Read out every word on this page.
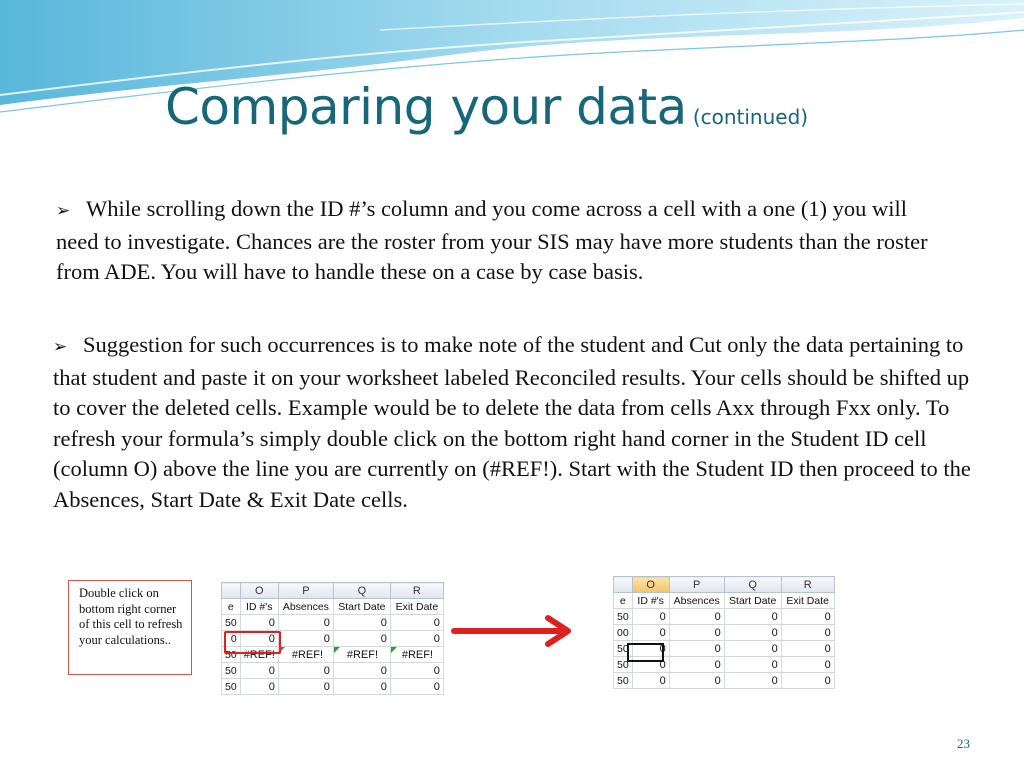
Comparing your data (continued)
➢ While scrolling down the ID #’s column and you come across a cell with a one (1) you will need to investigate. Chances are the roster from your SIS may have more students than the roster from ADE. You will have to handle these on a case by case basis.
➢ Suggestion for such occurrences is to make note of the student and Cut only the data pertaining to that student and paste it on your worksheet labeled Reconciled results. Your cells should be shifted up to cover the deleted cells. Example would be to delete the data from cells Axx through Fxx only. To refresh your formula’s simply double click on the bottom right hand corner in the Student ID cell (column O) above the line you are currently on (#REF!). Start with the Student ID then proceed to the Absences, Start Date & Exit Date cells.
Double click on bottom right corner of this cell to refresh your calculations..
	O	P	Q	R
e	ID #'s	Absences	Start Date	Exit Date
50	0	0	0	0
0	0	0	0	0
50	#REF!	#REF!	#REF!	#REF!
50	0	0	0	0
50	0	0	0	0
	O	P	Q	R
e	ID #'s	Absences	Start Date	Exit Date
50	0	0	0	0
00	0	0	0	0
50	0	0	0	0
50	0	0	0	0
50	0	0	0	0
23
